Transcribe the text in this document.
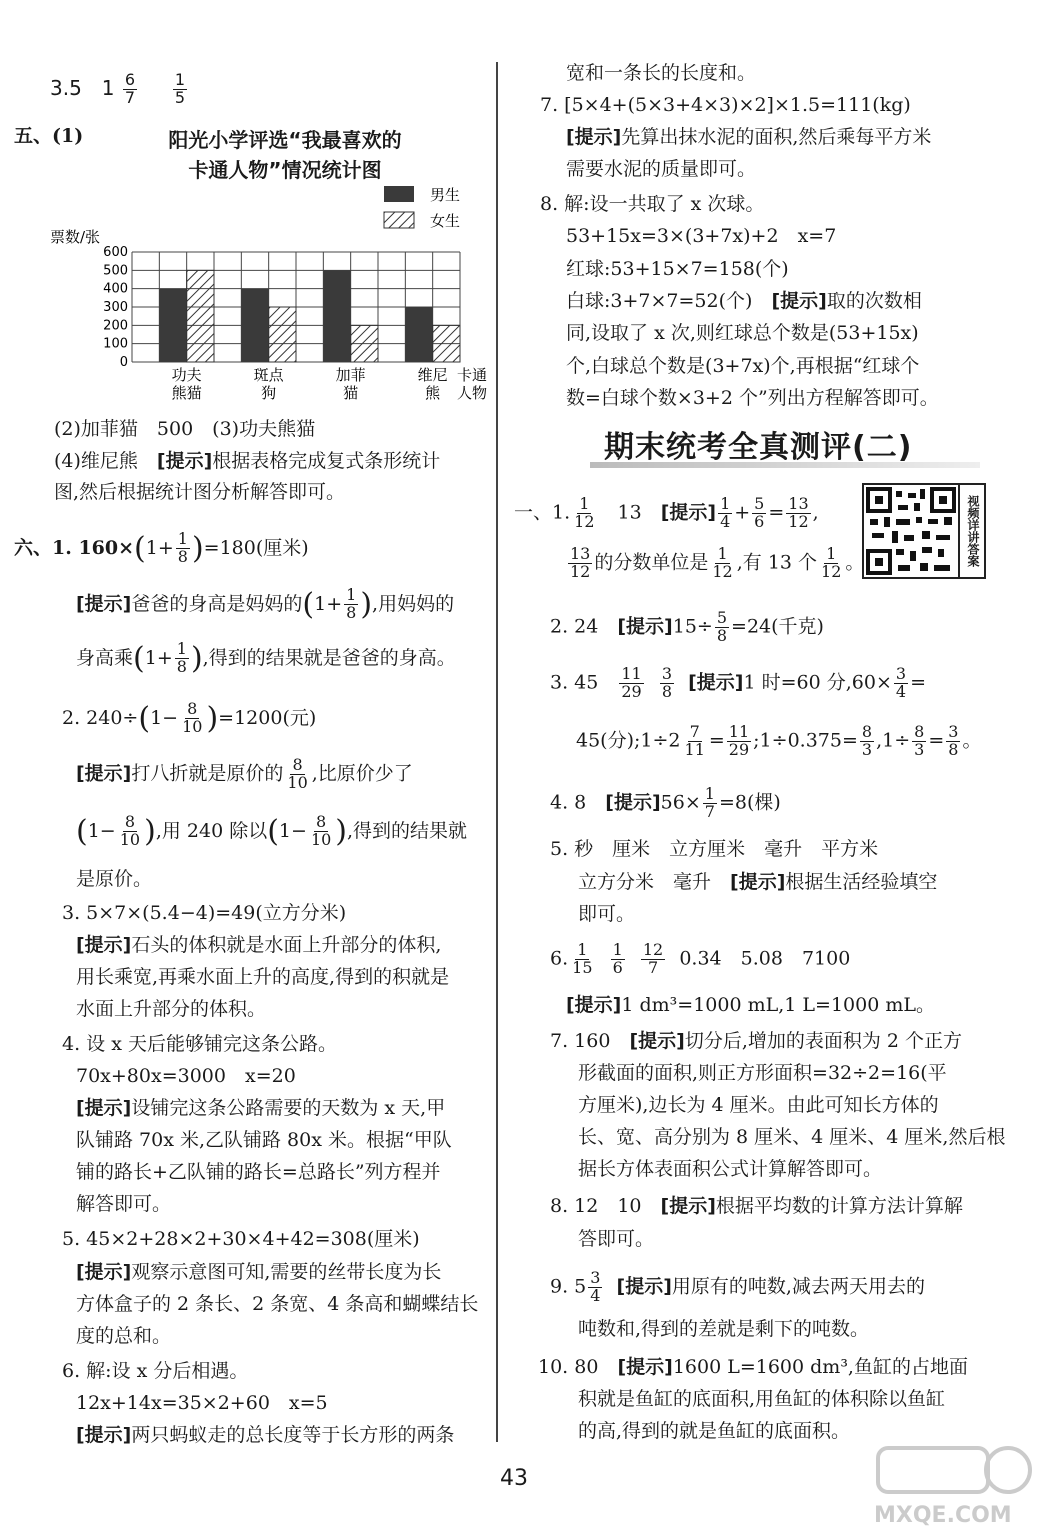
3.5　$1 \frac{6}{7}$
$\frac{1}{5}$
五、(1)	阳光小学评选“我最喜欢的
卡通人物”情况统计图
0
100
200
300
400
500
600
票数/张
功夫
熊猫
斑点
狗
加菲
猫
维尼
熊
卡通
人物
男生
女生
(2)加菲猫　500　(3)功夫熊猫
(4)维尼熊　[提示]根据表格完成复式条形统计
图,然后根据统计图分析解答即可。
六、1. $160\times(1+ \frac{1}{8} )=180$(厘米)
[提示]爸爸的身高是妈妈的($1+ \frac{1}{8}$ ),用妈妈的
身高乘($1+ \frac{1}{8}$ ),得到的结果就是爸爸的身高。
2. $240\div(1- \frac{8}{10} )=1200$(元)
[提示]打八折就是原价的 $\frac{8}{10}$ ,比原价少了
($1- \frac{8}{10}$ ),用 240 除以($1- \frac{8}{10}$ ),得到的结果就
是原价。
3. 5×7×(5.4−4)=49(立方分米)
[提示]石头的体积就是水面上升部分的体积,
用长乘宽,再乘水面上升的高度,得到的积就是
水面上升部分的体积。
4. 设 x 天后能够铺完这条公路。
70x+80x=3000　x=20
[提示]设铺完这条公路需要的天数为 x 天,甲
队铺路 70x 米,乙队铺路 80x 米。根据“甲队
铺的路长+乙队铺的路长=总路长”列方程并
解答即可。
5. 45×2+28×2+30×4+42=308(厘米)
[提示]观察示意图可知,需要的丝带长度为长
方体盒子的 2 条长、2 条宽、4 条高和蝴蝶结长
度的总和。
6. 解:设 x 分后相遇。
12x+14x=35×2+60　x=5
[提示]两只蚂蚁走的总长度等于长方形的两条
宽和一条长的长度和。
7. [5×4+(5×3+4×3)×2]×1.5=111(kg)
[提示]先算出抹水泥的面积,然后乘每平方米
需要水泥的质量即可。
8. 解:设一共取了 x 次球。
53+15x=3×(3+7x)+2　x=7
红球:53+15×7=158(个)
白球:3+7×7=52(个)　[提示]取的次数相
同,设取了 x 次,则红球总个数是(53+15x)
个,白球总个数是(3+7x)个,再根据“红球个
数=白球个数×3+2 个”列出方程解答即可。
期末统考全真测评(二)
视频详讲答案
一、1. $\frac{1}{12}$ 　13　[提示] $\frac{1}{4} + \frac{5}{6} = \frac{13}{12}$ ,
$\frac{13}{12}$ 的分数单位是 $\frac{1}{12}$ ,有 13 个 $\frac{1}{12}$ 。
2. 24　[提示]$15\div \frac{5}{8} =24$(千克)
3. 45　 $\frac{11}{29}$
$\frac{3}{8}$ [提示]1 时=60 分$,60\times \frac{3}{4}$ =
45(分);1÷2 $\frac{7}{11} = \frac{11}{29}$ ;1÷0.375= $\frac{8}{3} ,1\div \frac{8}{3} = \frac{3}{8}$ 。
4. 8　[提示]$56\times \frac{1}{7} =8$(棵)
5. 秒　厘米　立方厘米　毫升　平方米
立方分米　毫升　[提示]根据生活经验填空
即可。
6. $\frac{1}{15}$
$\frac{1}{6}$
$\frac{12}{7} 0.34$　5.08　7100
[提示]1 dm³=1000 mL,1 L=1000 mL。
7. 160　[提示]切分后,增加的表面积为 2 个正方
形截面的面积,则正方形面积=32÷2=16(平
方厘米),边长为 4 厘米。由此可知长方体的
长、宽、高分别为 8 厘米、4 厘米、4 厘米,然后根
据长方体表面积公式计算解答即可。
8. 12　10　[提示]根据平均数的计算方法计算解
答即可。
9. $5 \frac{3}{4}$ [提示]用原有的吨数,减去两天用去的
吨数和,得到的差就是剩下的吨数。
10. 80　[提示]1600 L=1600 dm³,鱼缸的占地面
积就是鱼缸的底面积,用鱼缸的体积除以鱼缸
的高,得到的就是鱼缸的底面积。
43
MXQE.COM
